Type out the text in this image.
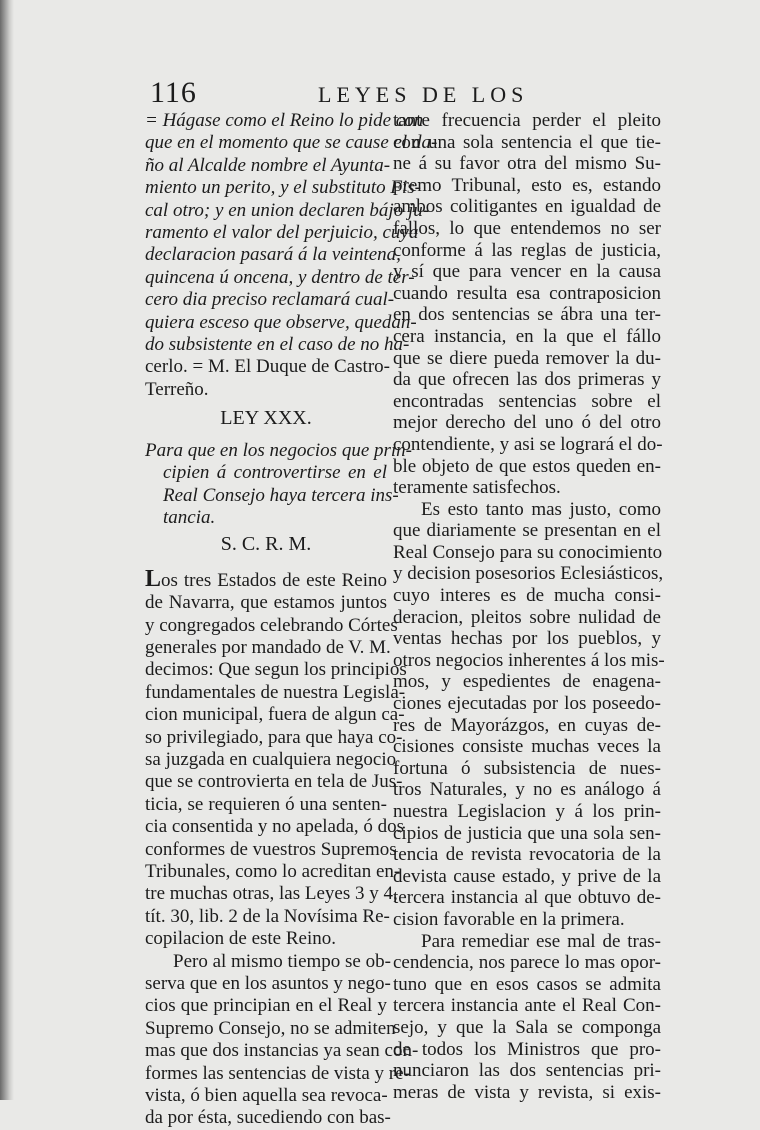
116	LEYES DE LOS
= Hágase como el Reino lo pide con
que en el momento que se cause el da-
ño al Alcalde nombre el Ayunta-
miento un perito, y el substituto Fis-
cal otro; y en union declaren bájo ju-
ramento el valor del perjuicio, cuya
declaracion pasará á la veintena,
quincena ú oncena, y dentro de ter-
cero dia preciso reclamará cual-
quiera esceso que observe, quedan-
do subsistente en el caso de no ha-
cerlo. = M. El Duque de Castro-
Terreño.
LEY XXX.
Para que en los negocios que prin-
cipien á controvertirse en el
Real Consejo haya tercera ins-
tancia.
S. C. R. M.
Los tres Estados de este Reino
de Navarra, que estamos juntos
y congregados celebrando Córtes
generales por mandado de V. M.
decimos: Que segun los principios
fundamentales de nuestra Legisla-
cion municipal, fuera de algun ca-
so privilegiado, para que haya co-
sa juzgada en cualquiera negocio
que se controvierta en tela de Jus-
ticia, se requieren ó una senten-
cia consentida y no apelada, ó dos
conformes de vuestros Supremos
Tribunales, como lo acreditan en-
tre muchas otras, las Leyes 3 y 4,
tít. 30, lib. 2 de la Novísima Re-
copilacion de este Reino.
Pero al mismo tiempo se ob-
serva que en los asuntos y nego-
cios que principian en el Real y
Supremo Consejo, no se admiten
mas que dos instancias ya sean con-
formes las sentencias de vista y re-
vista, ó bien aquella sea revoca-
da por ésta, sucediendo con bas-
tante frecuencia perder el pleito
con una sola sentencia el que tie-
ne á su favor otra del mismo Su-
premo Tribunal, esto es, estando
ambos colitigantes en igualdad de
fallos, lo que entendemos no ser
conforme á las reglas de justicia,
y sí que para vencer en la causa
cuando resulta esa contraposicion
en dos sentencias se ábra una ter-
cera instancia, en la que el fállo
que se diere pueda remover la du-
da que ofrecen las dos primeras y
encontradas sentencias sobre el
mejor derecho del uno ó del otro
contendiente, y asi se logrará el do-
ble objeto de que estos queden en-
teramente satisfechos.
Es esto tanto mas justo, como
que diariamente se presentan en el
Real Consejo para su conocimiento
y decision posesorios Eclesiásticos,
cuyo interes es de mucha consi-
deracion, pleitos sobre nulidad de
ventas hechas por los pueblos, y
otros negocios inherentes á los mis-
mos, y espedientes de enagena-
ciones ejecutadas por los poseedo-
res de Mayorázgos, en cuyas de-
cisiones consiste muchas veces la
fortuna ó subsistencia de nues-
tros Naturales, y no es análogo á
nuestra Legislacion y á los prin-
cipios de justicia que una sola sen-
tencia de revista revocatoria de la
devista cause estado, y prive de la
tercera instancia al que obtuvo de-
cision favorable en la primera.
Para remediar ese mal de tras-
cendencia, nos parece lo mas opor-
tuno que en esos casos se admita
tercera instancia ante el Real Con-
sejo, y que la Sala se componga
de todos los Ministros que pro-
nunciaron las dos sentencias pri-
meras de vista y revista, si exis-
